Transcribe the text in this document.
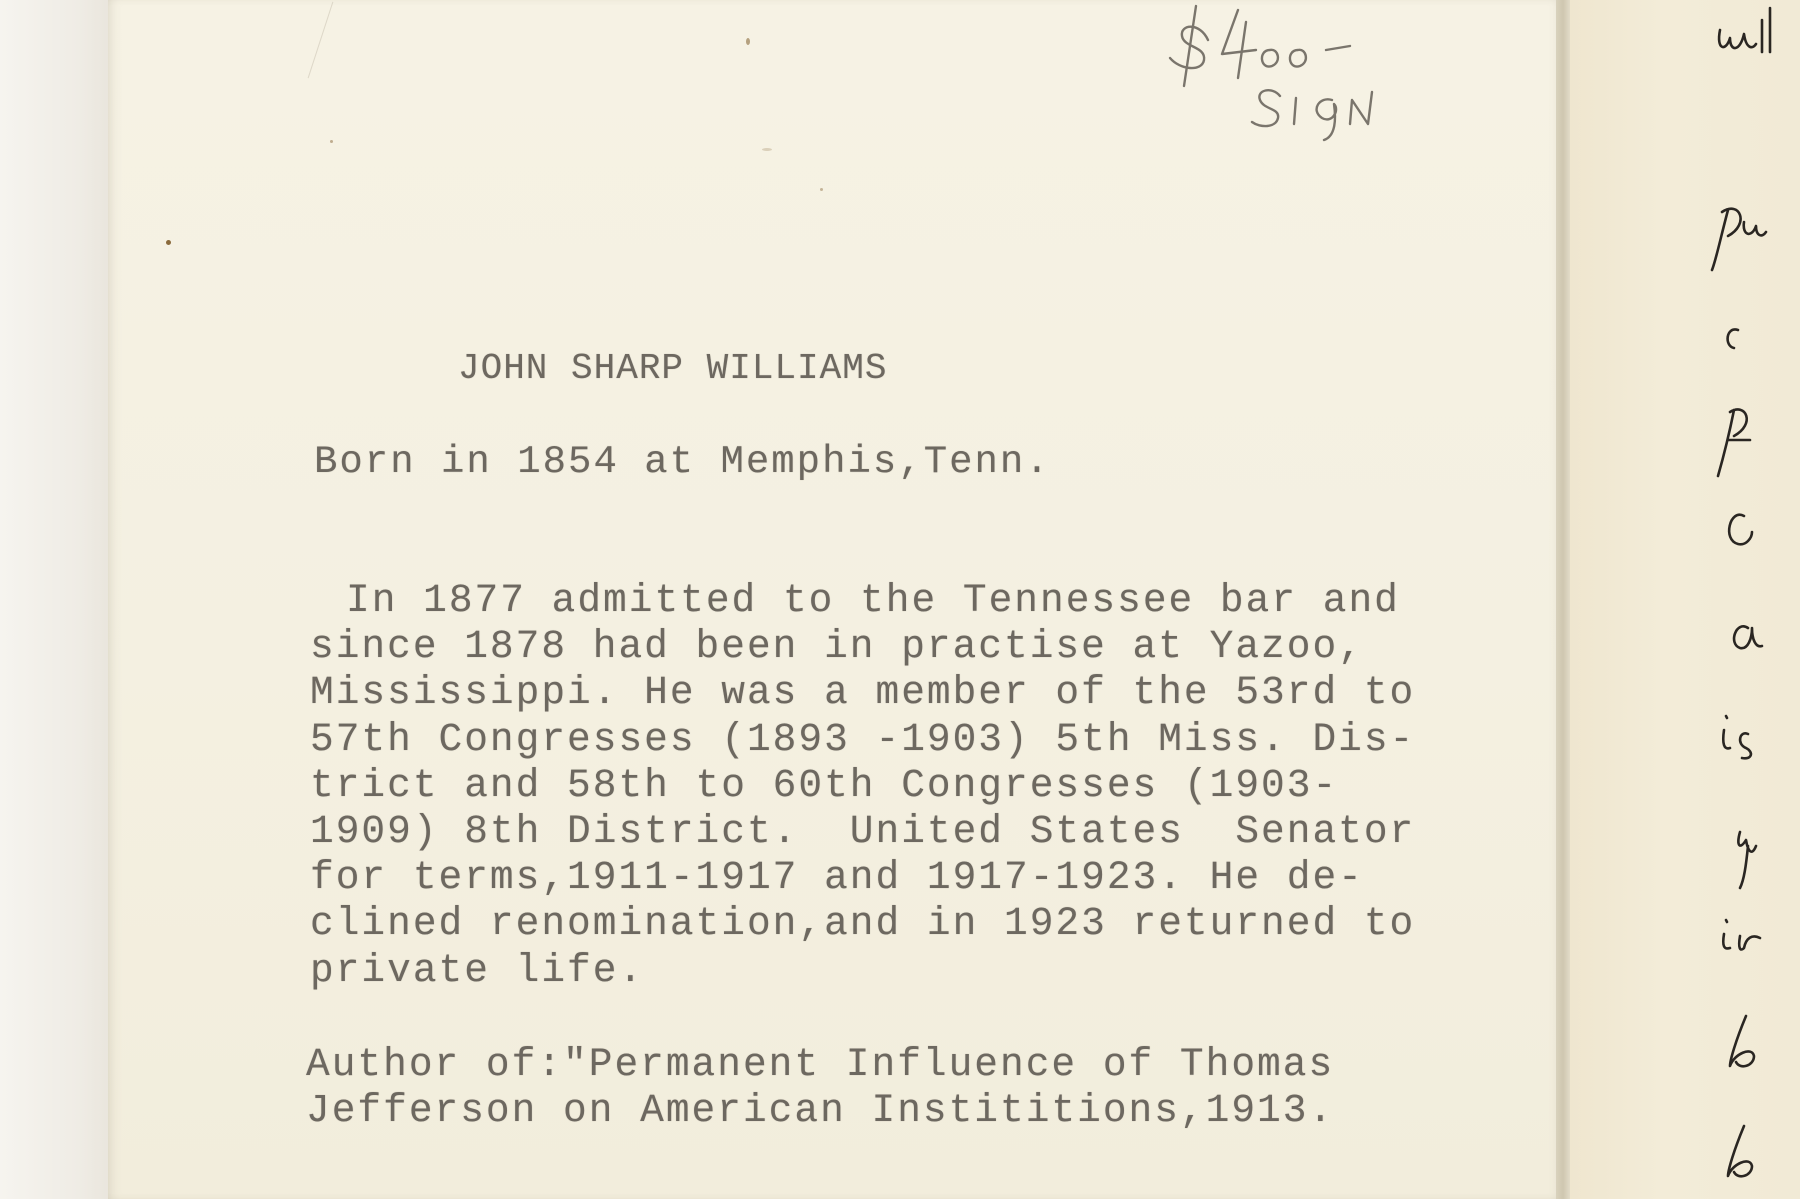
JOHN SHARP WILLIAMS
Born in 1854 at Memphis,Tenn.
In 1877 admitted to the Tennessee bar and
since 1878 had been in practise at Yazoo,
Mississippi. He was a member of the 53rd to
57th Congresses (1893 -1903) 5th Miss. Dis-
trict and 58th to 60th Congresses (1903-
1909) 8th District.  United States  Senator
for terms,1911-1917 and 1917-1923. He de-
clined renomination,and in 1923 returned to
private life.
Author of:"Permanent Influence of Thomas
Jefferson on American Instititions,1913.
